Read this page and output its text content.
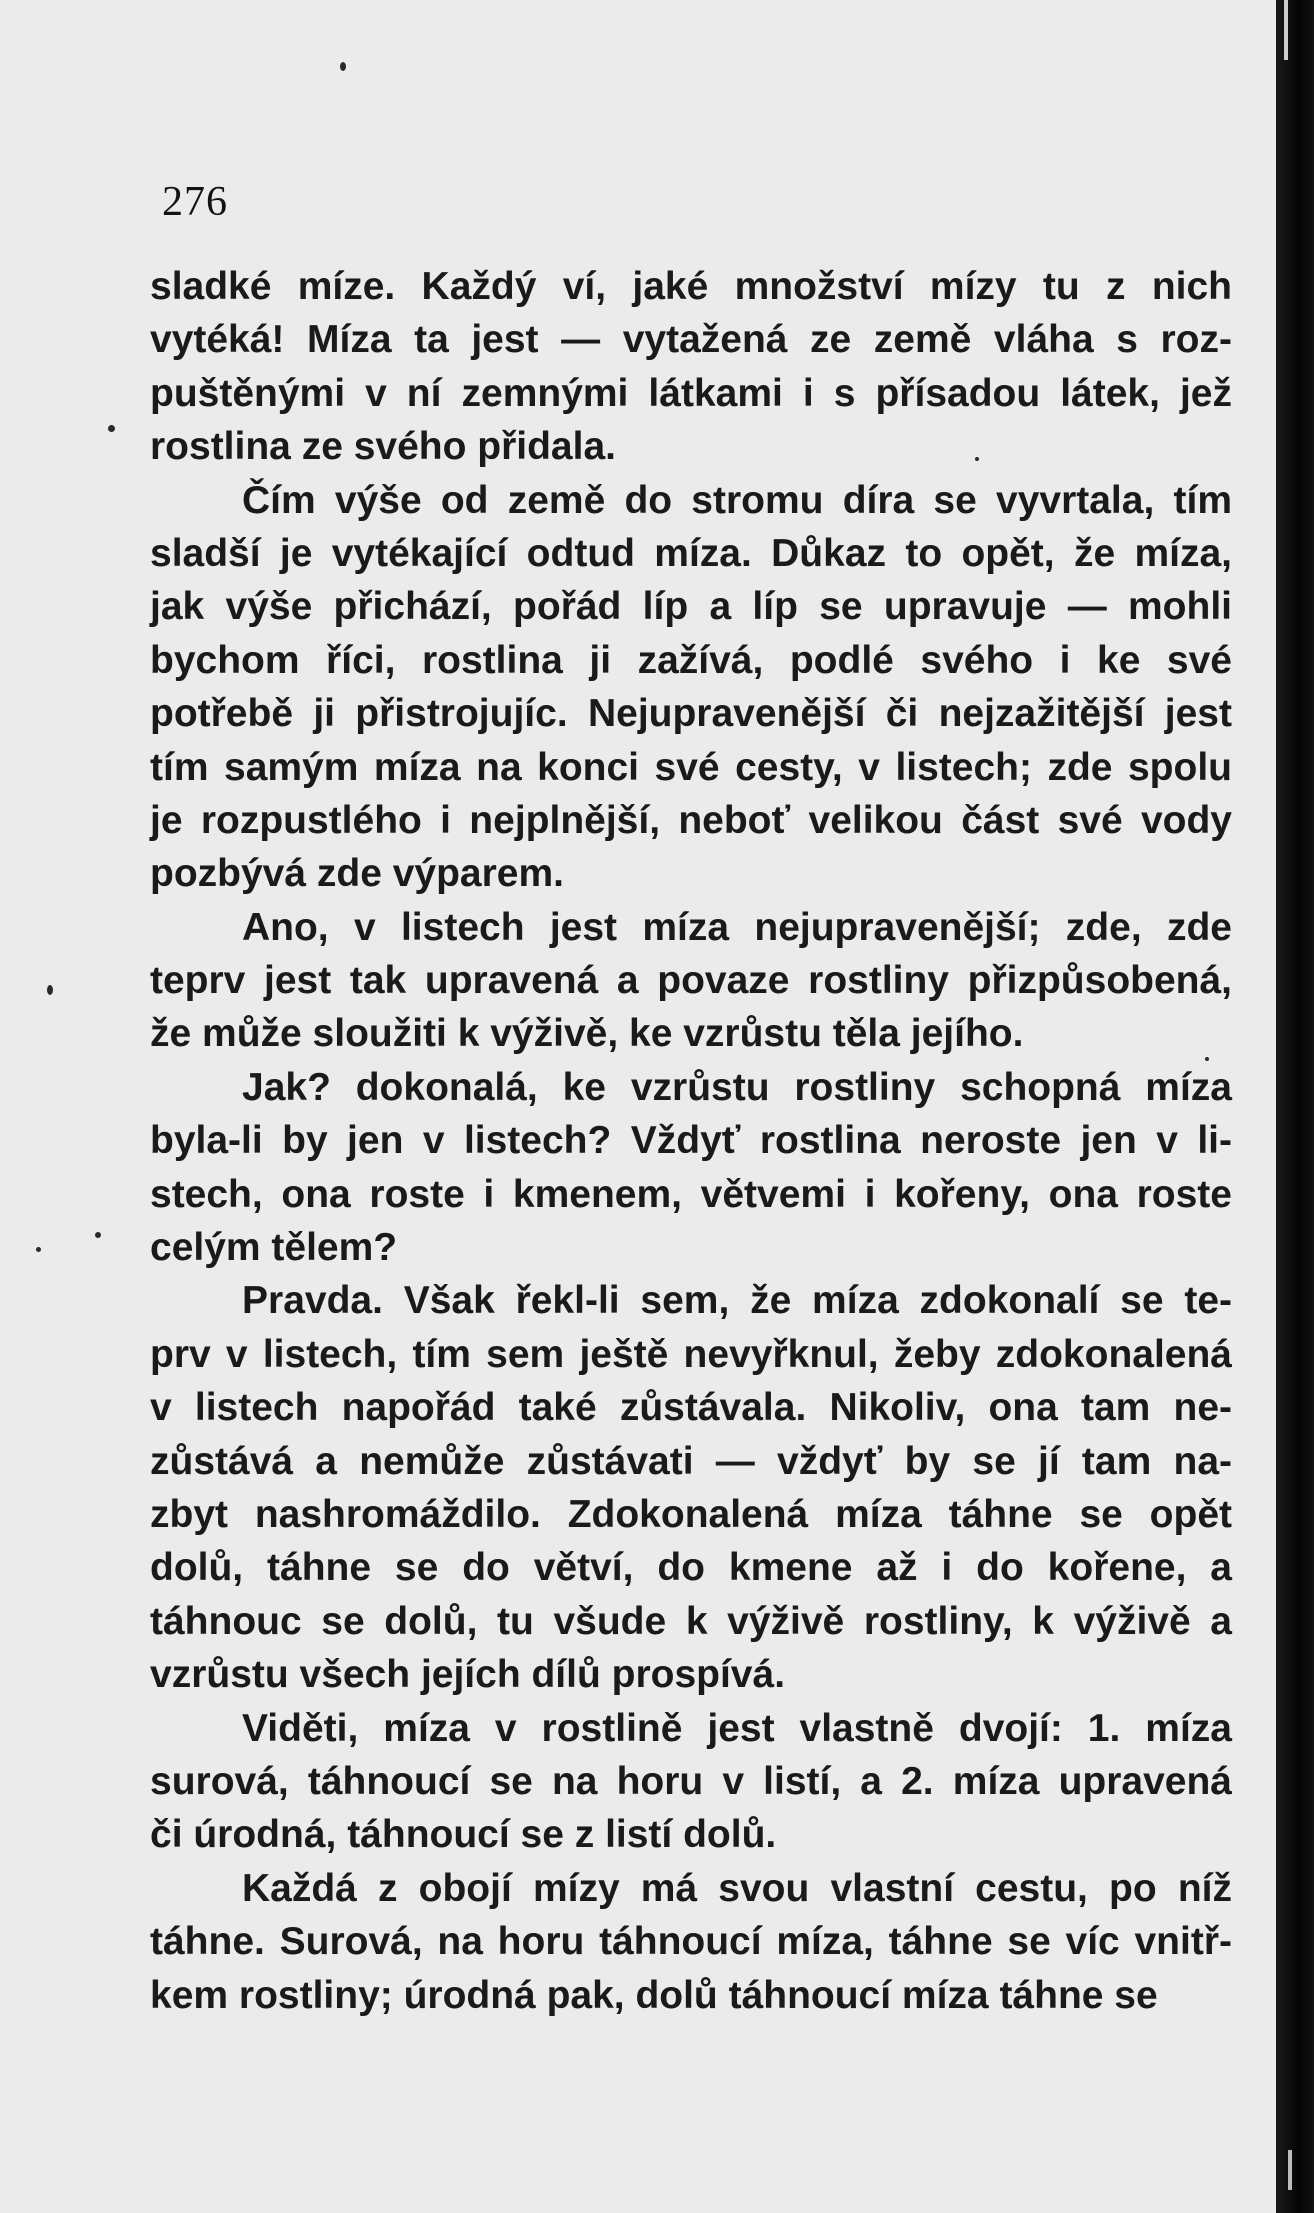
276
sladké míze. Každý ví, jaké množství mízy tu z nich
vytéká! Míza ta jest — vytažená ze země vláha s roz-
puštěnými v ní zemnými látkami i s přísadou látek, jež
rostlina ze svého přidala.
Čím výše od země do stromu díra se vyvrtala, tím
sladší je vytékající odtud míza. Důkaz to opět, že míza,
jak výše přichází, pořád líp a líp se upravuje — mohli
bychom říci, rostlina ji zažívá, podlé svého i ke své
potřebě ji přistrojujíc. Nejupravenější či nejzažitější jest
tím samým míza na konci své cesty, v listech; zde spolu
je rozpustlého i nejplnější, neboť velikou část své vody
pozbývá zde výparem.
Ano, v listech jest míza nejupravenější; zde, zde
teprv jest tak upravená a povaze rostliny přizpůsobená,
že může sloužiti k výživě, ke vzrůstu těla jejího.
Jak? dokonalá, ke vzrůstu rostliny schopná míza
byla-li by jen v listech? Vždyť rostlina neroste jen v li-
stech, ona roste i kmenem, větvemi i kořeny, ona roste
celým tělem?
Pravda. Však řekl-li sem, že míza zdokonalí se te-
prv v listech, tím sem ještě nevyřknul, žeby zdokonalená
v listech napořád také zůstávala. Nikoliv, ona tam ne-
zůstává a nemůže zůstávati — vždyť by se jí tam na-
zbyt nashromáždilo. Zdokonalená míza táhne se opět
dolů, táhne se do větví, do kmene až i do kořene, a
táhnouc se dolů, tu všude k výživě rostliny, k výživě a
vzrůstu všech jejích dílů prospívá.
Viděti, míza v rostlině jest vlastně dvojí: 1. míza
surová, táhnoucí se na horu v listí, a 2. míza upravená
či úrodná, táhnoucí se z listí dolů.
Každá z obojí mízy má svou vlastní cestu, po níž
táhne. Surová, na horu táhnoucí míza, táhne se víc vnitř-
kem rostliny; úrodná pak, dolů táhnoucí míza táhne se
